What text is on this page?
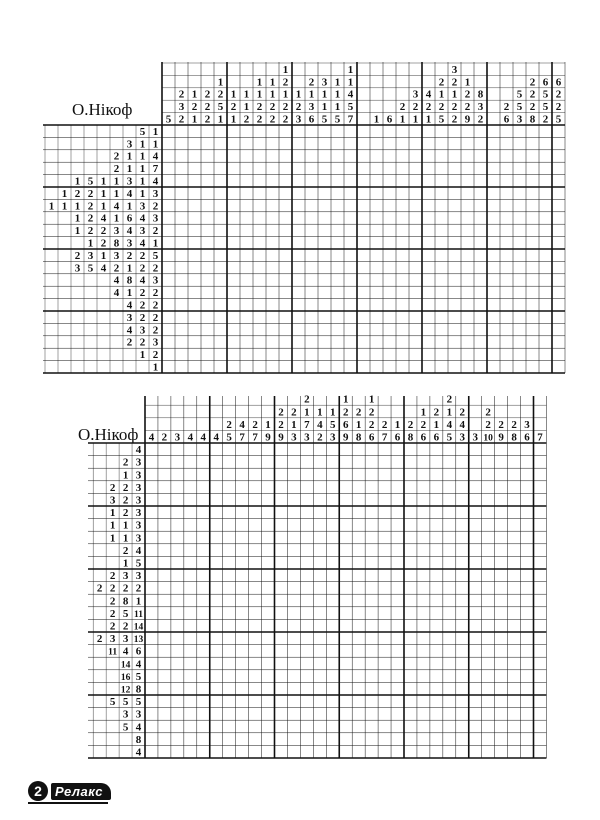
О.Нікоф
О.Нікоф
5
2
3
2
1
2
1
2
2
2
1
2
5
1
1
2
1
1
1
2
1
1
2
2
1
1
2
2
1
2
1
2
2
1
2
3
2
1
3
6
3
1
1
5
1
1
1
5
1
1
4
5
7 1 6
2
1
3
2
1
4
2
1
2
1
2
5
3
2
1
2
2
1
2
2
9
8
3
2
2
6
5
5
3
2
2
2
8
6
5
5
2
6
2
2
5
5 1
3 1 1
2 1 1 4
2 1 1 7
1 5 1 1 3 1 4
1 2 2 1 1 4 1 3
1 1 1 2 1 4 1 3 2
1 2 4 1 6 4 3
1 2 2 3 4 3 2
1 2 8 3 4 1
2 3 1 3 2 2 5
3 5 4 2 1 2 2
4 8 4 3
4 1 2 2
4 2 2
3 2 2
4 3 2
2 2 3
1 2
1
4 2 3 4 4 4
2
5
4
7
2
7
1
9
2
2
9
2
1
3
2
1
7
3
1
4
2
1
5
3
1
2
6
9
2
1
8
1
2
2
6
2
7
1
6
2
8
1
2
6
2
1
6
2
1
4
5
2
4
3 3
2
2
10
2
9
2
8
3
6 7
4
2 3
1 3
2 2 3
3 2 3
1 2 3
1 1 3
1 1 3
2 4
1 5
2 3 3
2 2 2 2
2 8 1
2 5 11
2 2 14
2 3 3 13
11 4 6
14 4
16 5
12 8
5 5 5
3 3
5 4
8
4
2	Релакс
